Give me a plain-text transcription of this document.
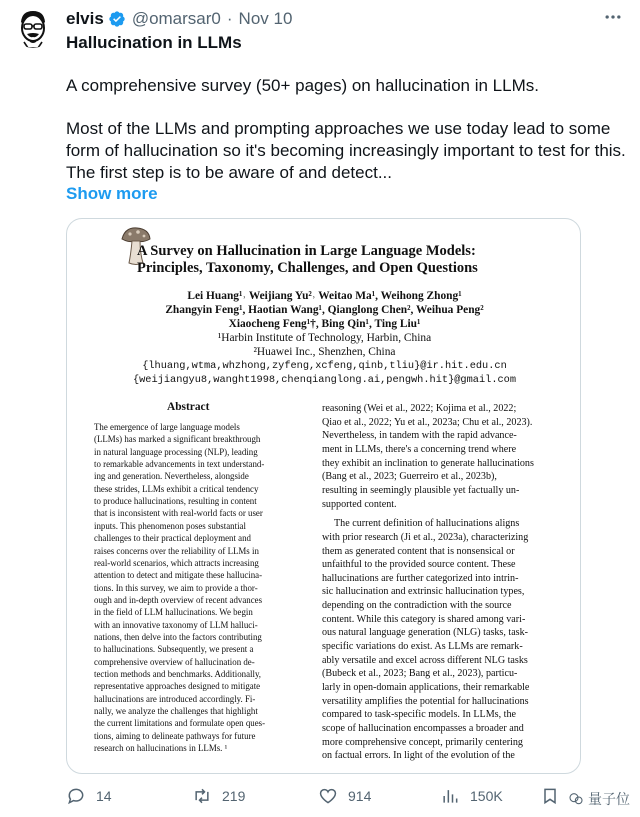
elvis @omarsar0 · Nov 10
Hallucination in LLMs
A comprehensive survey (50+ pages) on hallucination in LLMs.
Most of the LLMs and prompting approaches we use today lead to some form of hallucination so it's becoming increasingly important to test for this. The first step is to be aware of and detect...
Show more
A Survey on Hallucination in Large Language Models:
Principles, Taxonomy, Challenges, and Open Questions
Lei Huang¹˒ Weijiang Yu²˒ Weitao Ma¹, Weihong Zhong¹
Zhangyin Feng¹, Haotian Wang¹, Qianglong Chen², Weihua Peng²
Xiaocheng Feng¹†, Bing Qin¹, Ting Liu¹
¹Harbin Institute of Technology, Harbin, China
²Huawei Inc., Shenzhen, China
{lhuang,wtma,whzhong,zyfeng,xcfeng,qinb,tliu}@ir.hit.edu.cn
{weijiangyu8,wanght1998,chenqianglong.ai,pengwh.hit}@gmail.com
Abstract
The emergence of large language models
(LLMs) has marked a significant breakthrough
in natural language processing (NLP), leading
to remarkable advancements in text understand-
ing and generation. Nevertheless, alongside
these strides, LLMs exhibit a critical tendency
to produce hallucinations, resulting in content
that is inconsistent with real-world facts or user
inputs. This phenomenon poses substantial
challenges to their practical deployment and
raises concerns over the reliability of LLMs in
real-world scenarios, which attracts increasing
attention to detect and mitigate these hallucina-
tions. In this survey, we aim to provide a thor-
ough and in-depth overview of recent advances
in the field of LLM hallucinations. We begin
with an innovative taxonomy of LLM halluci-
nations, then delve into the factors contributing
to hallucinations. Subsequently, we present a
comprehensive overview of hallucination de-
tection methods and benchmarks. Additionally,
representative approaches designed to mitigate
hallucinations are introduced accordingly. Fi-
nally, we analyze the challenges that highlight
the current limitations and formulate open ques-
tions, aiming to delineate pathways for future
research on hallucinations in LLMs. ¹
reasoning (Wei et al., 2022; Kojima et al., 2022;
Qiao et al., 2022; Yu et al., 2023a; Chu et al., 2023).
Nevertheless, in tandem with the rapid advance-
ment in LLMs, there's a concerning trend where
they exhibit an inclination to generate hallucinations
(Bang et al., 2023; Guerreiro et al., 2023b),
resulting in seemingly plausible yet factually un-
supported content.
The current definition of hallucinations aligns
with prior research (Ji et al., 2023a), characterizing
them as generated content that is nonsensical or
unfaithful to the provided source content. These
hallucinations are further categorized into intrin-
sic hallucination and extrinsic hallucination types,
depending on the contradiction with the source
content. While this category is shared among vari-
ous natural language generation (NLG) tasks, task-
specific variations do exist. As LLMs are remark-
ably versatile and excel across different NLG tasks
(Bubeck et al., 2023; Bang et al., 2023), particu-
larly in open-domain applications, their remarkable
versatility amplifies the potential for hallucinations
compared to task-specific models. In LLMs, the
scope of hallucination encompasses a broader and
more comprehensive concept, primarily centering
on factual errors. In light of the evolution of the
14	219	914	150K	量子位
